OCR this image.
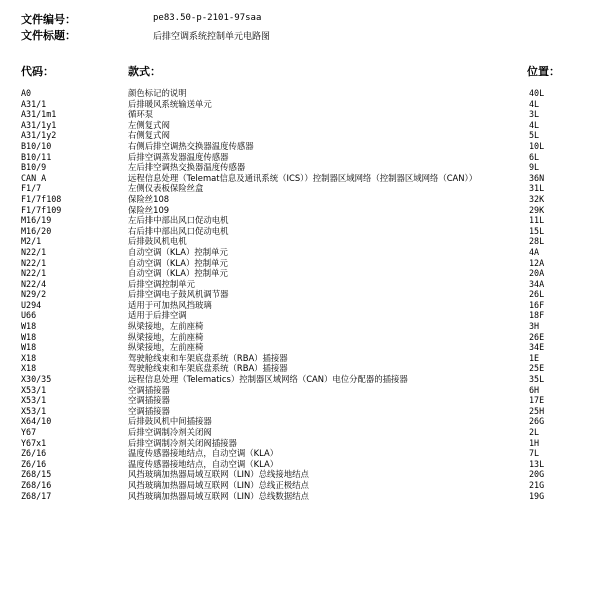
文件编号：	pe83.50-p-2101-97saa
文件标题：	后排空调系统控制单元电路图
代码：	款式：	位置：
A0	颜色标记的说明	40L
A31/1	后排暖风系统输送单元	4L
A31/1m1	循环泵	3L
A31/1y1	左侧复式阀	4L
A31/1y2	右侧复式阀	5L
B10/10	右侧后排空调热交换器温度传感器	10L
B10/11	后排空调蒸发器温度传感器	6L
B10/9	左后排空调热交换器温度传感器	9L
CAN A	远程信息处理（Telemat信息及通讯系统（ICS））控制器区域网络（控制器区域网络（CAN））	36N
F1/7	左侧仪表板保险丝盒	31L
F1/7f108	保险丝108	32K
F1/7f109	保险丝109	29K
M16/19	左后排中部出风口促动电机	11L
M16/20	右后排中部出风口促动电机	15L
M2/1	后排鼓风机电机	28L
N22/1	自动空调（KLA）控制单元	4A
N22/1	自动空调（KLA）控制单元	12A
N22/1	自动空调（KLA）控制单元	20A
N22/4	后排空调控制单元	34A
N29/2	后排空调电子鼓风机调节器	26L
U294	适用于可加热风挡玻璃	16F
U66	适用于后排空调	18F
W18	纵梁接地，左前座椅	3H
W18	纵梁接地，左前座椅	26E
W18	纵梁接地，左前座椅	34E
X18	驾驶舱线束和车架底盘系统（RBA）插接器	1E
X18	驾驶舱线束和车架底盘系统（RBA）插接器	25E
X30/35	远程信息处理（Telematics）控制器区域网络（CAN）电位分配器的插接器	35L
X53/1	空调插接器	6H
X53/1	空调插接器	17E
X53/1	空调插接器	25H
X64/10	后排鼓风机中间插接器	26G
Y67	后排空调制冷剂关闭阀	2L
Y67x1	后排空调制冷剂关闭阀插接器	1H
Z6/16	温度传感器接地结点，自动空调（KLA）	7L
Z6/16	温度传感器接地结点，自动空调（KLA）	13L
Z68/15	风挡玻璃加热器局域互联网（LIN）总线接地结点	20G
Z68/16	风挡玻璃加热器局域互联网（LIN）总线正极结点	21G
Z68/17	风挡玻璃加热器局域互联网（LIN）总线数据结点	19G
